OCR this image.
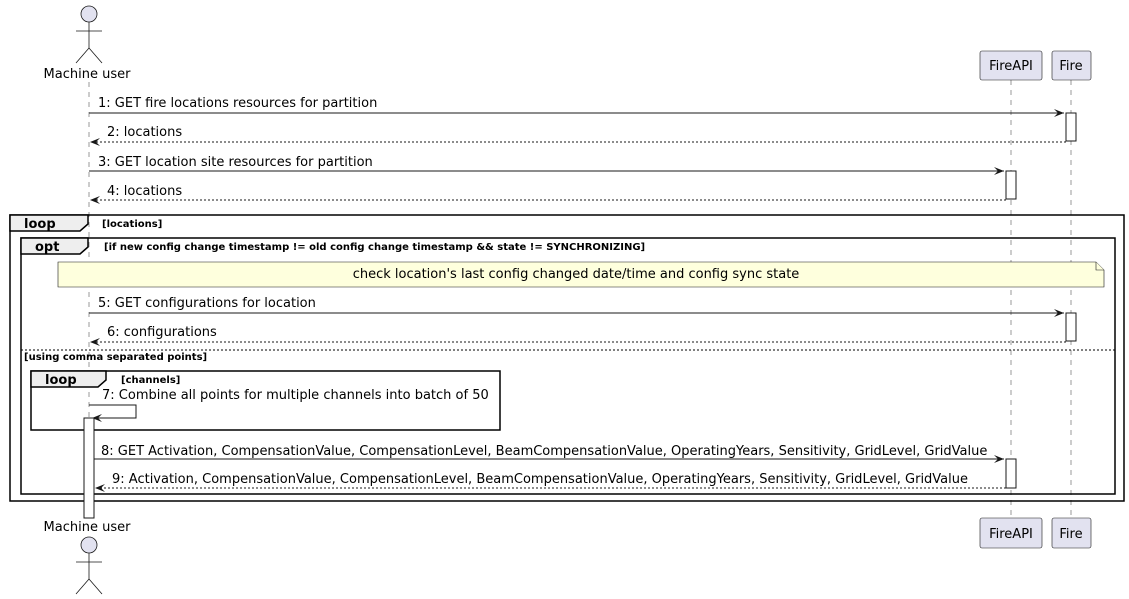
Machine user
FireAPI Fire
1: GET fire locations resources for partition
2: locations
3: GET location site resources for partition
4: locations
loop	[locations]
opt	[if new config change timestamp != old config change timestamp && state != SYNCHRONIZING]
check location's last config changed date/time and config sync state
5: GET configurations for location
6: configurations
[using comma separated points]
loop	[channels]
7: Combine all points for multiple channels into batch of 50
8: GET Activation, CompensationValue, CompensationLevel, BeamCompensationValue, OperatingYears, Sensitivity, GridLevel, GridValue
9: Activation, CompensationValue, CompensationLevel, BeamCompensationValue, OperatingYears, Sensitivity, GridLevel, GridValue
Machine user	FireAPI Fire
